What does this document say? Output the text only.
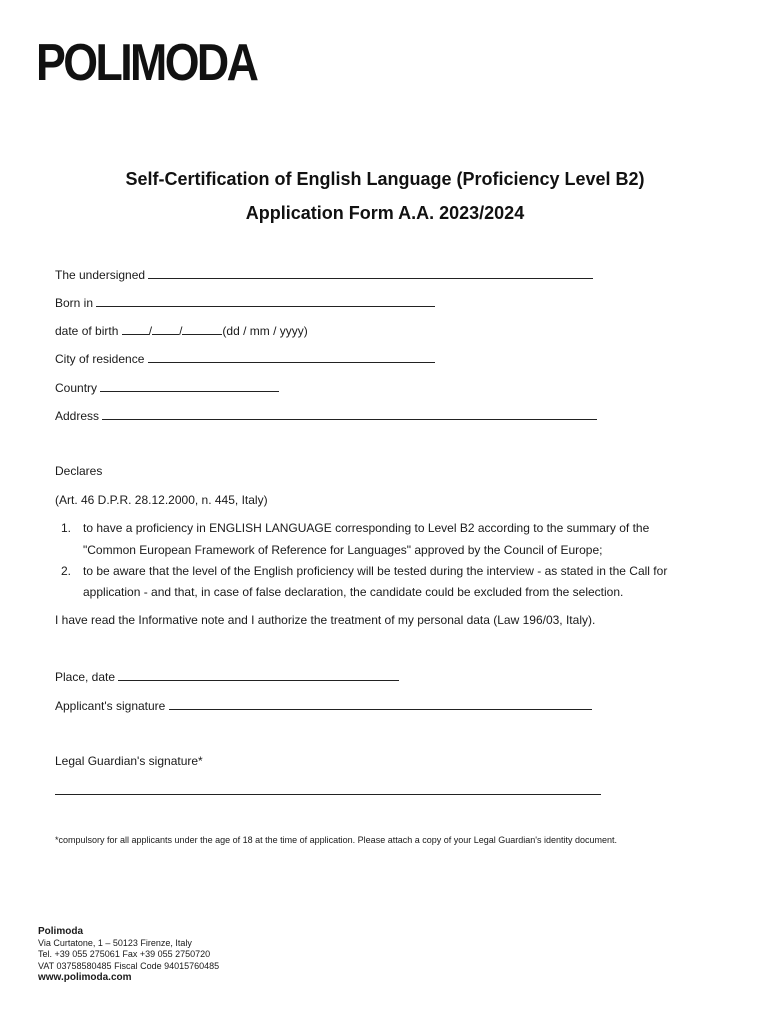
POLIMODA
Self-Certification of English Language (Proficiency Level B2)
Application Form A.A. 2023/2024
The undersigned
Born in
date of birth	/ /	(dd / mm / yyyy)
City of residence
Country
Address
Declares
(Art. 46 D.P.R. 28.12.2000, n. 445, Italy)
1. to have a proficiency in ENGLISH LANGUAGE corresponding to Level B2 according to the summary of the
"Common European Framework of Reference for Languages" approved by the Council of Europe;
2. to be aware that the level of the English proficiency will be tested during the interview - as stated in the Call for
application - and that, in case of false declaration, the candidate could be excluded from the selection.
I have read the Informative note and I authorize the treatment of my personal data (Law 196/03, Italy).
Place, date
Applicant's signature
Legal Guardian's signature*
*compulsory for all applicants under the age of 18 at the time of application. Please attach a copy of your Legal Guardian's identity document.
Polimoda
Via Curtatone, 1 – 50123 Firenze, Italy
Tel. +39 055 275061 Fax +39 055 2750720
VAT 03758580485 Fiscal Code 94015760485
www.polimoda.com
